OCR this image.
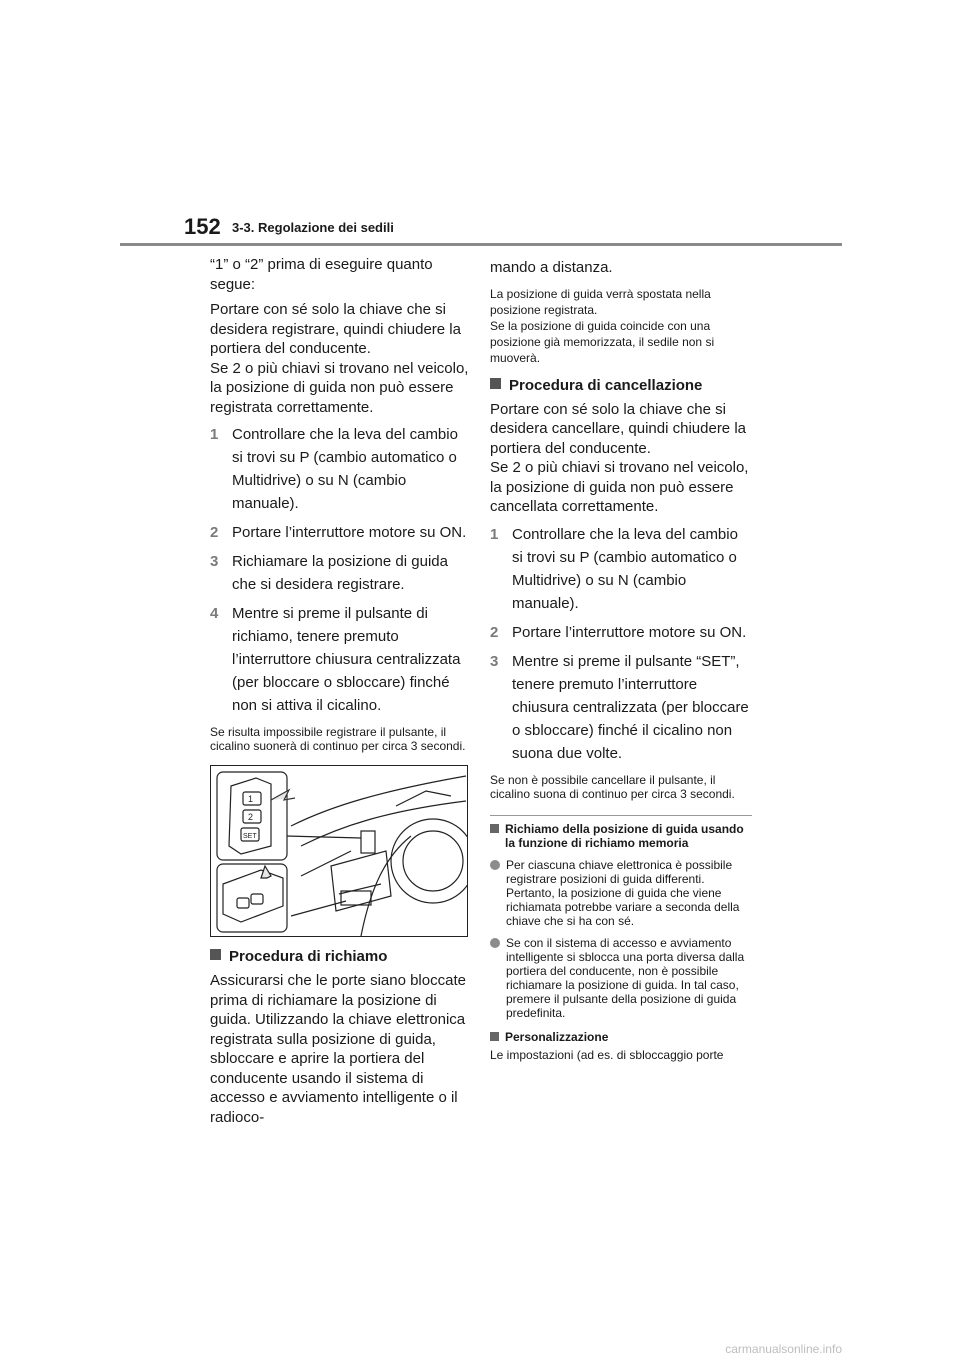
152 3-3. Regolazione dei sedili

“1” o “2” prima di eseguire quanto segue:

Portare con sé solo la chiave che si desidera registrare, quindi chiudere la portiera del conducente.
Se 2 o più chiavi si trovano nel veicolo, la posizione di guida non può essere registrata correttamente.

1 Controllare che la leva del cambio si trovi su P (cambio automatico o Multidrive) o su N (cambio manuale).
2 Portare l’interruttore motore su ON.
3 Richiamare la posizione di guida che si desidera registrare.
4 Mentre si preme il pulsante di richiamo, tenere premuto l’interruttore chiusura centralizzata (per bloccare o sbloccare) finché non si attiva il cicalino.

Se risulta impossibile registrare il pulsante, il cicalino suonerà di continuo per circa 3 secondi.

1
2
SET
Procedura di richiamo

Assicurarsi che le porte siano bloccate prima di richiamare la posizione di guida. Utilizzando la chiave elettronica registrata sulla posizione di guida, sbloccare e aprire la portiera del conducente usando il sistema di accesso e avviamento intelligente o il radioco-

mando a distanza.

La posizione di guida verrà spostata nella posizione registrata.
Se la posizione di guida coincide con una posizione già memorizzata, il sedile non si muoverà.

Procedura di cancellazione

Portare con sé solo la chiave che si desidera cancellare, quindi chiudere la portiera del conducente.
Se 2 o più chiavi si trovano nel veicolo, la posizione di guida non può essere cancellata correttamente.

1 Controllare che la leva del cambio si trovi su P (cambio automatico o Multidrive) o su N (cambio manuale).
2 Portare l’interruttore motore su ON.
3 Mentre si preme il pulsante “SET”, tenere premuto l’interruttore chiusura centralizzata (per bloccare o sbloccare) finché il cicalino non suona due volte.

Se non è possibile cancellare il pulsante, il cicalino suona di continuo per circa 3 secondi.

Richiamo della posizione di guida usando la funzione di richiamo memoria
Per ciascuna chiave elettronica è possibile registrare posizioni di guida differenti. Pertanto, la posizione di guida che viene richiamata potrebbe variare a seconda della chiave che si ha con sé.
Se con il sistema di accesso e avviamento intelligente si sblocca una porta diversa dalla portiera del conducente, non è possibile richiamare la posizione di guida. In tal caso, premere il pulsante della posizione di guida predefinita.
Personalizzazione

Le impostazioni (ad es. di sbloccaggio porte

carmanualsonline.info
